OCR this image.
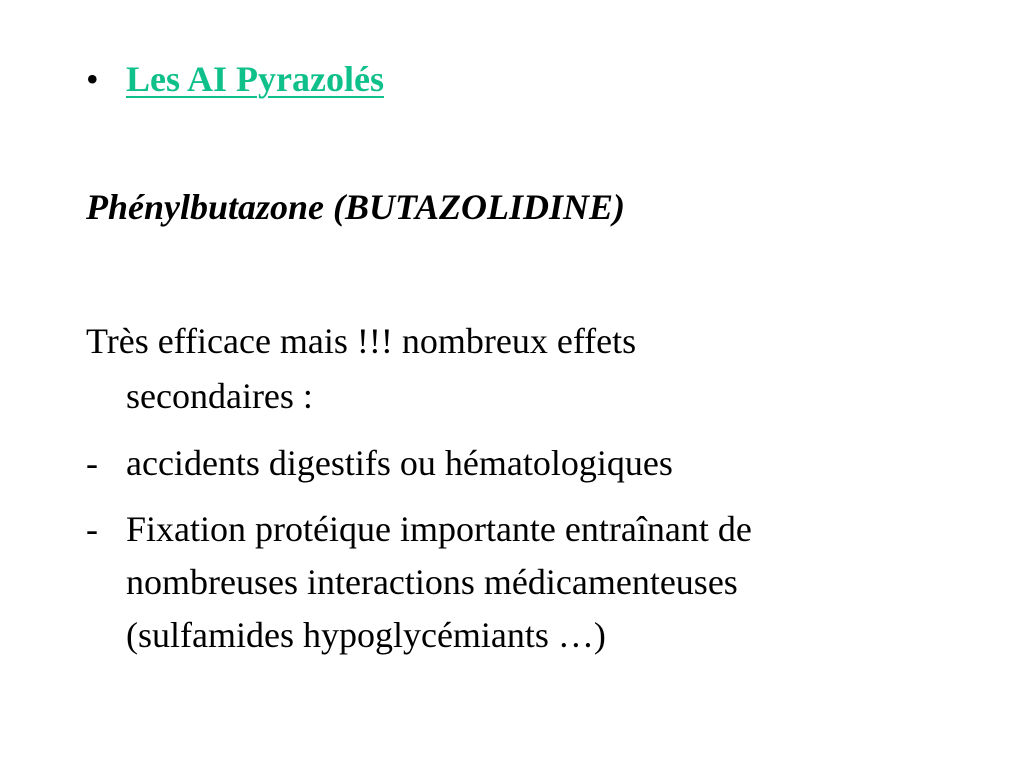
• Les AI Pyrazolés
Phénylbutazone (BUTAZOLIDINE)
Très efficace mais !!! nombreux effets
secondaires :
- accidents digestifs ou hématologiques
- Fixation protéique importante entraînant de
nombreuses interactions médicamenteuses
(sulfamides hypoglycémiants …)
